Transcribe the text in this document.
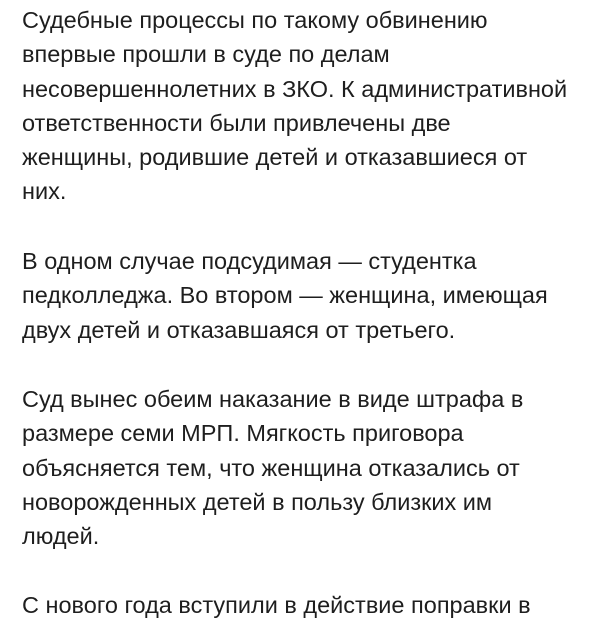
Судебные процессы по такому обвинению
впервые прошли в суде по делам
несовершеннолетних в ЗКО. К административной
ответственности были привлечены две
женщины, родившие детей и отказавшиеся от
них.

В одном случае подсудимая — студентка
педколледжа. Во втором — женщина, имеющая
двух детей и отказавшаяся от третьего.

Суд вынес обеим наказание в виде штрафа в
размере семи МРП. Мягкость приговора
объясняется тем, что женщина отказались от
новорожденных детей в пользу близких им
людей.

С нового года вступили в действие поправки в
